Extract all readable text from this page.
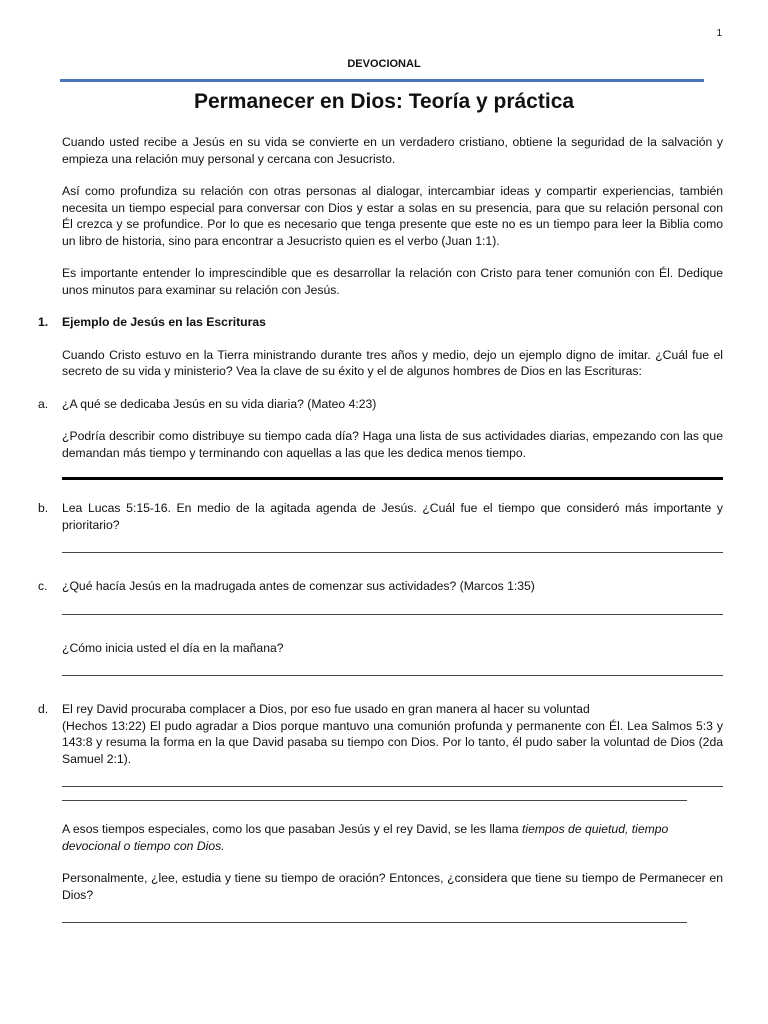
1
DEVOCIONAL
Permanecer en Dios: Teoría y práctica

Cuando usted recibe a Jesús en su vida se convierte en un verdadero cristiano, obtiene la seguridad de la salvación y empieza una relación muy personal y cercana con Jesucristo.

Así como profundiza su relación con otras personas al dialogar, intercambiar ideas y compartir experiencias, también necesita un tiempo especial para conversar con Dios y estar a solas en su presencia, para que su relación personal con Él crezca y se profundice. Por lo que es necesario que tenga presente que este no es un tiempo para leer la Biblia como un libro de historia, sino para encontrar a Jesucristo quien es el verbo (Juan 1:1).

Es importante entender lo imprescindible que es desarrollar la relación con Cristo para tener comunión con Él. Dedique unos minutos para examinar su relación con Jesús.

1.	Ejemplo de Jesús en las Escrituras

Cuando Cristo estuvo en la Tierra ministrando durante tres años y medio, dejo un ejemplo digno de imitar. ¿Cuál fue el secreto de su vida y ministerio? Vea la clave de su éxito y el de algunos hombres de Dios en las Escrituras:

a.	¿A qué se dedicaba Jesús en su vida diaria? (Mateo 4:23)

¿Podría describir como distribuye su tiempo cada día? Haga una lista de sus actividades diarias, empezando con las que demandan más tiempo y terminando con aquellas a las que les dedica menos tiempo.

b.	Lea Lucas 5:15-16. En medio de la agitada agenda de Jesús. ¿Cuál fue el tiempo que consideró más importante y prioritario?
c.	¿Qué hacía Jesús en la madrugada antes de comenzar sus actividades? (Marcos 1:35)

¿Cómo inicia usted el día en la mañana?

d.	El rey David procuraba complacer a Dios, por eso fue usado en gran manera al hacer su voluntad

(Hechos 13:22) El pudo agradar a Dios porque mantuvo una comunión profunda y permanente con Él. Lea Salmos 5:3 y 143:8 y resuma la forma en la que David pasaba su tiempo con Dios. Por lo tanto, él pudo saber la voluntad de Dios (2da Samuel 2:1).

A esos tiempos especiales, como los que pasaban Jesús y el rey David, se les llama tiempos de quietud, tiempo devocional o tiempo con Dios.

Personalmente, ¿lee, estudia y tiene su tiempo de oración? Entonces, ¿considera que tiene su tiempo de Permanecer en Dios?
